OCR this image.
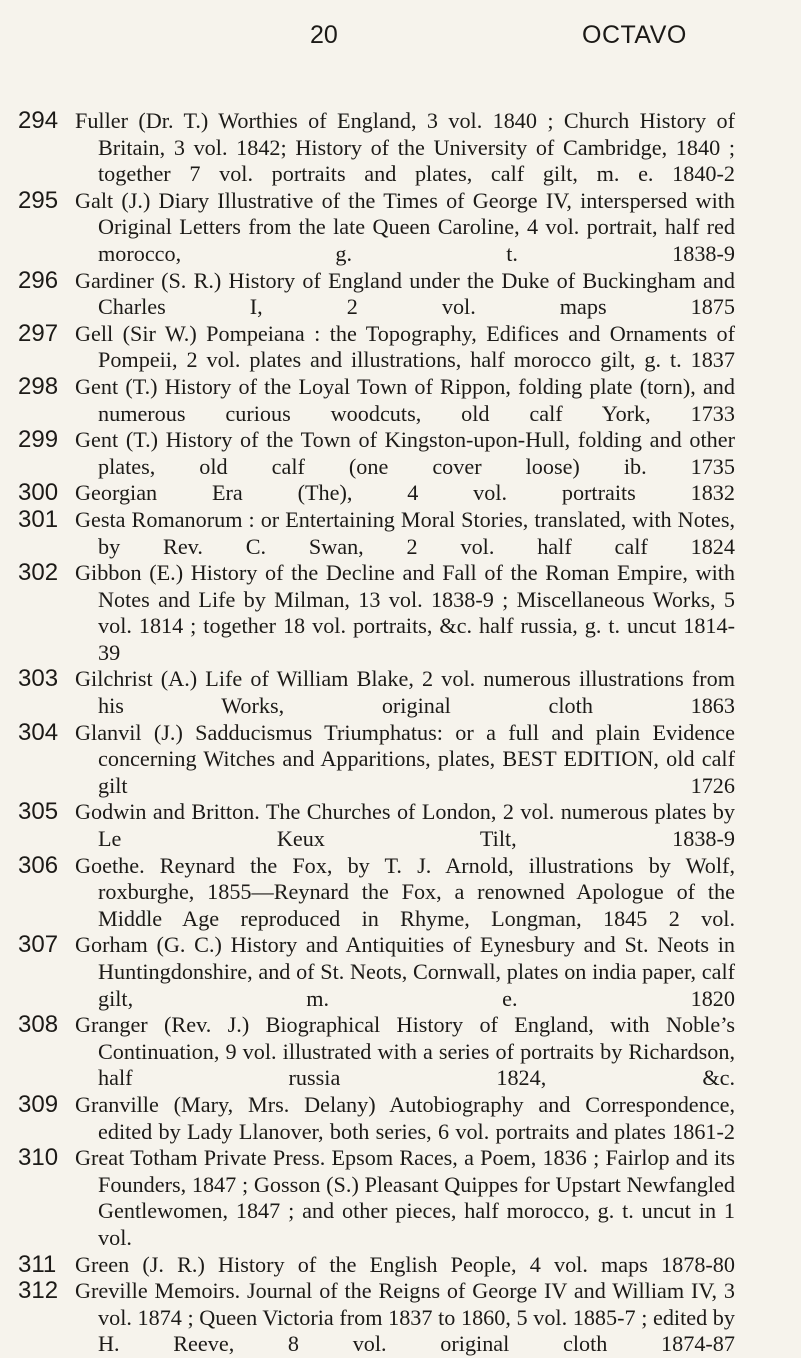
20	OCTAVO
294 Fuller (Dr. T.) Worthies of England, 3 vol. 1840 ; Church History of Britain, 3 vol. 1842; History of the University of Cambridge, 1840 ; together 7 vol. portraits and plates, calf gilt, m. e. 1840-2
295 Galt (J.) Diary Illustrative of the Times of George IV, interspersed with Original Letters from the late Queen Caroline, 4 vol. portrait, half red morocco, g. t. 1838-9
296 Gardiner (S. R.) History of England under the Duke of Buckingham and Charles I, 2 vol. maps 1875
297 Gell (Sir W.) Pompeiana : the Topography, Edifices and Ornaments of Pompeii, 2 vol. plates and illustrations, half morocco gilt, g. t. 1837
298 Gent (T.) History of the Loyal Town of Rippon, folding plate (torn), and numerous curious woodcuts, old calf York, 1733
299 Gent (T.) History of the Town of Kingston-upon-Hull, folding and other plates, old calf (one cover loose) ib. 1735
300 Georgian Era (The), 4 vol. portraits 1832
301 Gesta Romanorum : or Entertaining Moral Stories, translated, with Notes, by Rev. C. Swan, 2 vol. half calf 1824
302 Gibbon (E.) History of the Decline and Fall of the Roman Empire, with Notes and Life by Milman, 13 vol. 1838-9 ; Miscellaneous Works, 5 vol. 1814 ; together 18 vol. portraits, &c. half russia, g. t. uncut 1814-39
303 Gilchrist (A.) Life of William Blake, 2 vol. numerous illustrations from his Works, original cloth 1863
304 Glanvil (J.) Sadducismus Triumphatus: or a full and plain Evidence concerning Witches and Apparitions, plates, BEST EDITION, old calf gilt 1726
305 Godwin and Britton. The Churches of London, 2 vol. numerous plates by Le Keux Tilt, 1838-9
306 Goethe. Reynard the Fox, by T. J. Arnold, illustrations by Wolf, roxburghe, 1855—Reynard the Fox, a renowned Apologue of the Middle Age reproduced in Rhyme, Longman, 1845 2 vol.
307 Gorham (G. C.) History and Antiquities of Eynesbury and St. Neots in Huntingdonshire, and of St. Neots, Cornwall, plates on india paper, calf gilt, m. e. 1820
308 Granger (Rev. J.) Biographical History of England, with Noble’s Continuation, 9 vol. illustrated with a series of portraits by Richardson, half russia 1824, &c.
309 Granville (Mary, Mrs. Delany) Autobiography and Correspondence, edited by Lady Llanover, both series, 6 vol. portraits and plates 1861-2
310 Great Totham Private Press. Epsom Races, a Poem, 1836 ; Fairlop and its Founders, 1847 ; Gosson (S.) Pleasant Quippes for Upstart Newfangled Gentlewomen, 1847 ; and other pieces, half morocco, g. t. uncut in 1 vol.
311 Green (J. R.) History of the English People, 4 vol. maps 1878-80
312 Greville Memoirs. Journal of the Reigns of George IV and William IV, 3 vol. 1874 ; Queen Victoria from 1837 to 1860, 5 vol. 1885-7 ; edited by H. Reeve, 8 vol. original cloth 1874-87
